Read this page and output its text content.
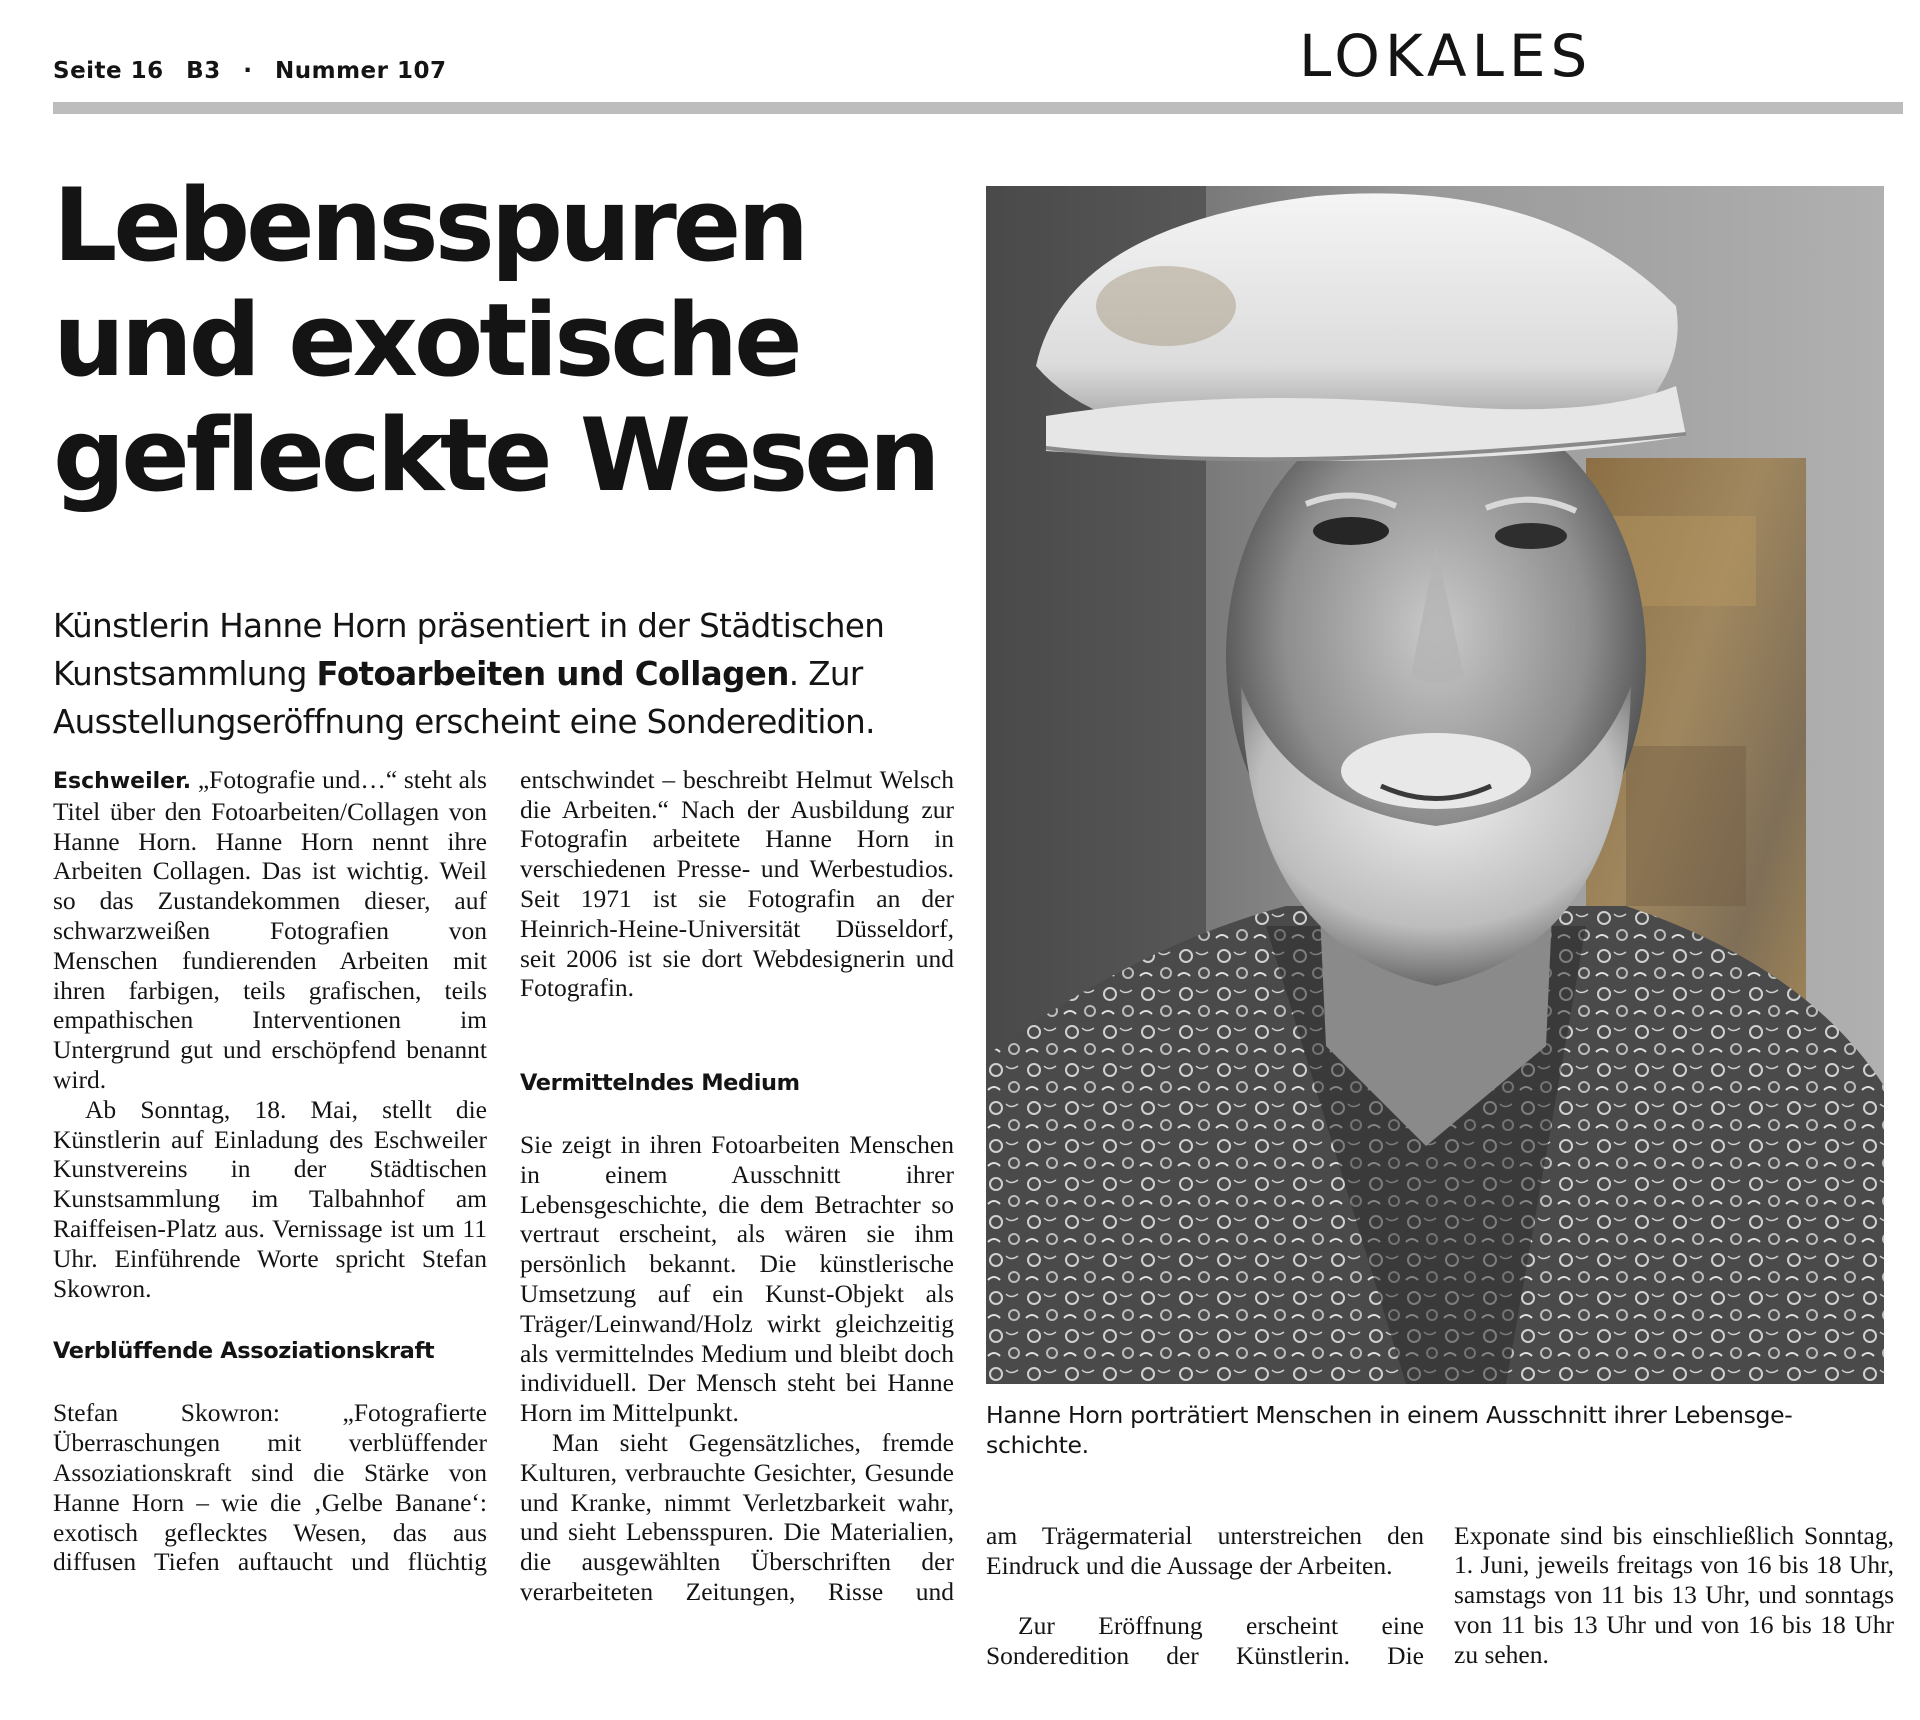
Seite 16 B3 · Nummer 107	LOKALES
Lebensspuren
und exotische
gefleckte Wesen

Künstlerin Hanne Horn präsentiert in der Städtischen Kunstsammlung Fotoarbeiten und Collagen. Zur Ausstellungseröffnung erscheint eine Sonderedition.

Eschweiler. „Fotografie und…“ steht als Titel über den Fotoarbeiten/Collagen von Hanne Horn. Hanne Horn nennt ihre Arbeiten Collagen. Das ist wichtig. Weil so das Zustandekommen dieser, auf schwarzweißen Fotografien von Menschen fundierenden Arbeiten mit ihren farbigen, teils grafischen, teils empathischen Interventionen im Untergrund gut und erschöpfend benannt wird.

Ab Sonntag, 18. Mai, stellt die Künstlerin auf Einladung des Eschweiler Kunstvereins in der Städtischen Kunstsammlung im Talbahnhof am Raiffeisen-Platz aus. Vernissage ist um 11 Uhr. Einführende Worte spricht Stefan Skowron.

Verblüffende Assoziationskraft

Stefan Skowron: „Fotografierte Überraschungen mit verblüffender Assoziationskraft sind die Stärke von Hanne Horn – wie die ‚Gelbe Banane‘: exotisch geflecktes Wesen, das aus diffusen Tiefen auftaucht und flüchtig

entschwindet – beschreibt Helmut Welsch die Arbeiten.“ Nach der Ausbildung zur Fotografin arbeitete Hanne Horn in verschiedenen Presse- und Werbestudios. Seit 1971 ist sie Fotografin an der Heinrich-Heine-Universität Düsseldorf, seit 2006 ist sie dort Webdesignerin und Fotografin.

Vermittelndes Medium

Sie zeigt in ihren Fotoarbeiten Menschen in einem Ausschnitt ihrer Lebensgeschichte, die dem Betrachter so vertraut erscheint, als wären sie ihm persönlich bekannt. Die künstlerische Umsetzung auf ein Kunst-Objekt als Träger/Leinwand/Holz wirkt gleichzeitig als vermittelndes Medium und bleibt doch individuell. Der Mensch steht bei Hanne Horn im Mittelpunkt.

Man sieht Gegensätzliches, fremde Kulturen, verbrauchte Gesichter, Gesunde und Kranke, nimmt Verletzbarkeit wahr, und sieht Lebensspuren. Die Materialien, die ausgewählten Überschriften der verarbeiteten Zeitungen, Risse und

Hanne Horn porträtiert Menschen in einem Ausschnitt ihrer Lebensge-
schichte.

am Trägermaterial unterstreichen den Eindruck und die Aussage der Arbeiten.

Zur Eröffnung erscheint eine Sonderedition der Künstlerin. Die

Exponate sind bis einschließlich Sonntag, 1. Juni, jeweils freitags von 16 bis 18 Uhr, samstags von 11 bis 13 Uhr, und sonntags von 11 bis 13 Uhr und von 16 bis 18 Uhr zu sehen.
